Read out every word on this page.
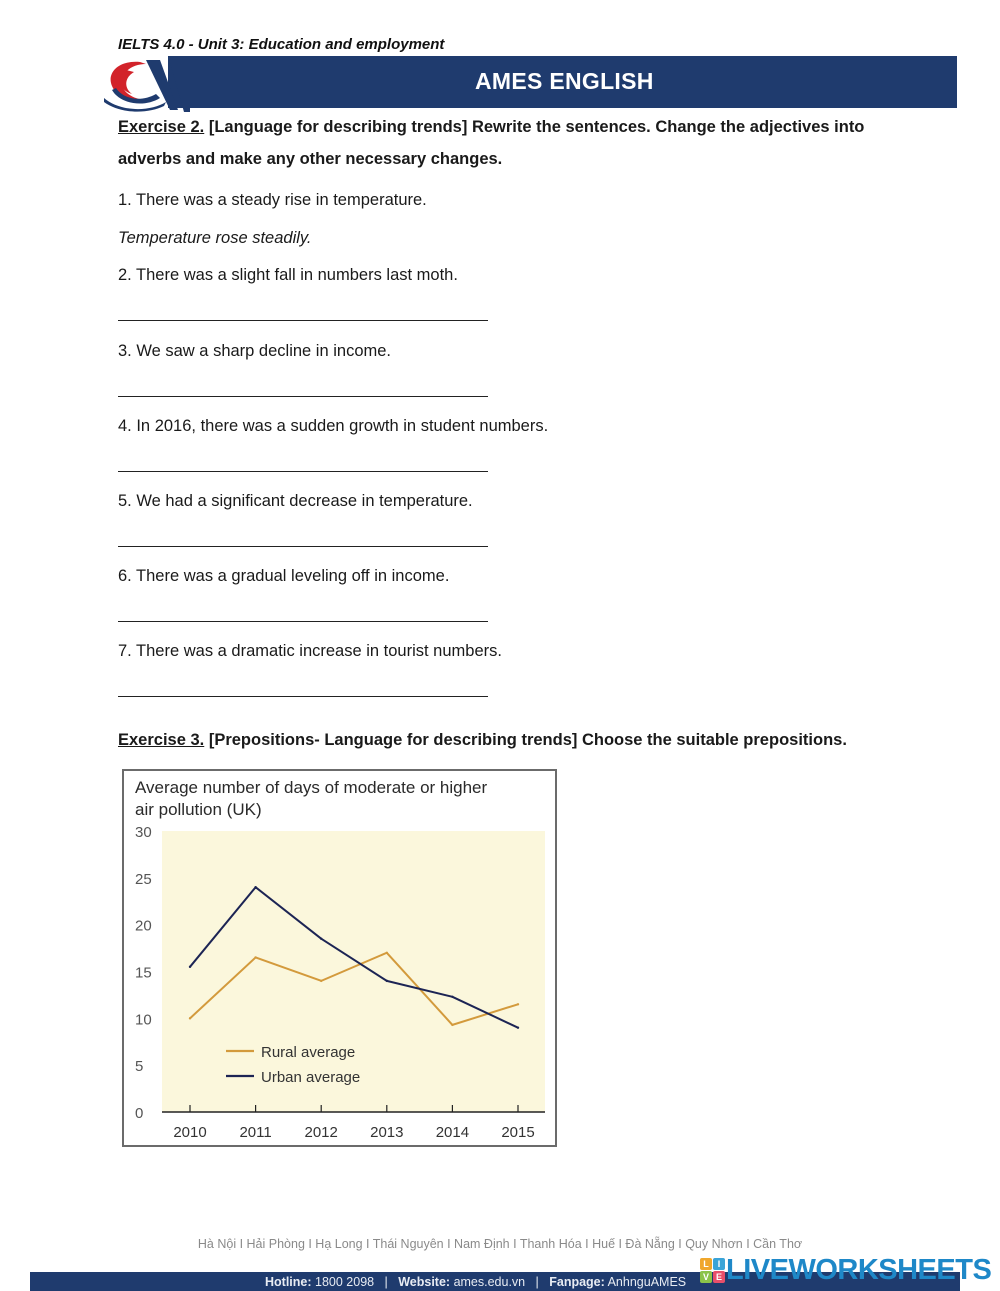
IELTS 4.0 - Unit 3: Education and employment
AMES ENGLISH
Exercise 2. [Language for describing trends] Rewrite the sentences. Change the adjectives into
adverbs and make any other necessary changes.
1. There was a steady rise in temperature.
Temperature rose steadily.
2. There was a slight fall in numbers last moth.
3. We saw a sharp decline in income.
4. In 2016, there was a sudden growth in student numbers.
5. We had a significant decrease in temperature.
6. There was a gradual leveling off in income.
7. There was a dramatic increase in tourist numbers.
Exercise 3. [Prepositions- Language for describing trends] Choose the suitable prepositions.
Average number of days of moderate or higher
air pollution (UK)
0
5
10
15
20
25
30
2010 2011 2012 2013 2014 2015
Rural average
Urban average
Hà Nội I Hải Phòng I Hạ Long I Thái Nguyên I Nam Định I Thanh Hóa I Huế I Đà Nẵng I Quy Nhơn I Cần Thơ
Hotline: 1800 2098   |   Website: ames.edu.vn   |   Fanpage: AnhnguAMES
L I
V E LIVEWORKSHEETS
